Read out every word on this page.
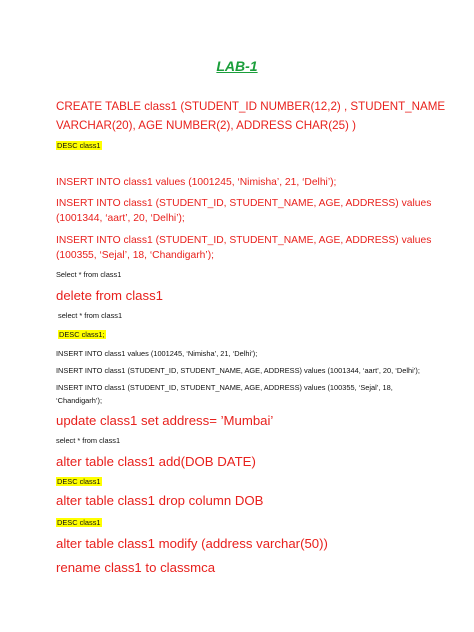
LAB-1

CREATE TABLE class1 (STUDENT_ID NUMBER(12,2) , STUDENT_NAME

VARCHAR(20), AGE NUMBER(2), ADDRESS CHAR(25) )

DESC class1

INSERT INTO class1 values (1001245, ‘Nimisha’, 21, ‘Delhi’);

INSERT INTO class1 (STUDENT_ID, STUDENT_NAME, AGE, ADDRESS) values

(1001344, ‘aart’, 20, ‘Delhi’);

INSERT INTO class1 (STUDENT_ID, STUDENT_NAME, AGE, ADDRESS) values

(100355, ‘Sejal’, 18, ‘Chandigarh’);

Select * from class1

delete from class1

select * from class1

DESC class1;

INSERT INTO class1 values (1001245, ‘Nimisha’, 21, ‘Delhi’);

INSERT INTO class1 (STUDENT_ID, STUDENT_NAME, AGE, ADDRESS) values (1001344, ‘aart’, 20, ‘Delhi’);

INSERT INTO class1 (STUDENT_ID, STUDENT_NAME, AGE, ADDRESS) values (100355, ‘Sejal’, 18,

‘Chandigarh’);

update class1 set address= ’Mumbai’

select * from class1

alter table class1 add(DOB DATE)

DESC class1

alter table class1 drop column DOB

DESC class1

alter table class1 modify (address varchar(50))

rename class1 to classmca
